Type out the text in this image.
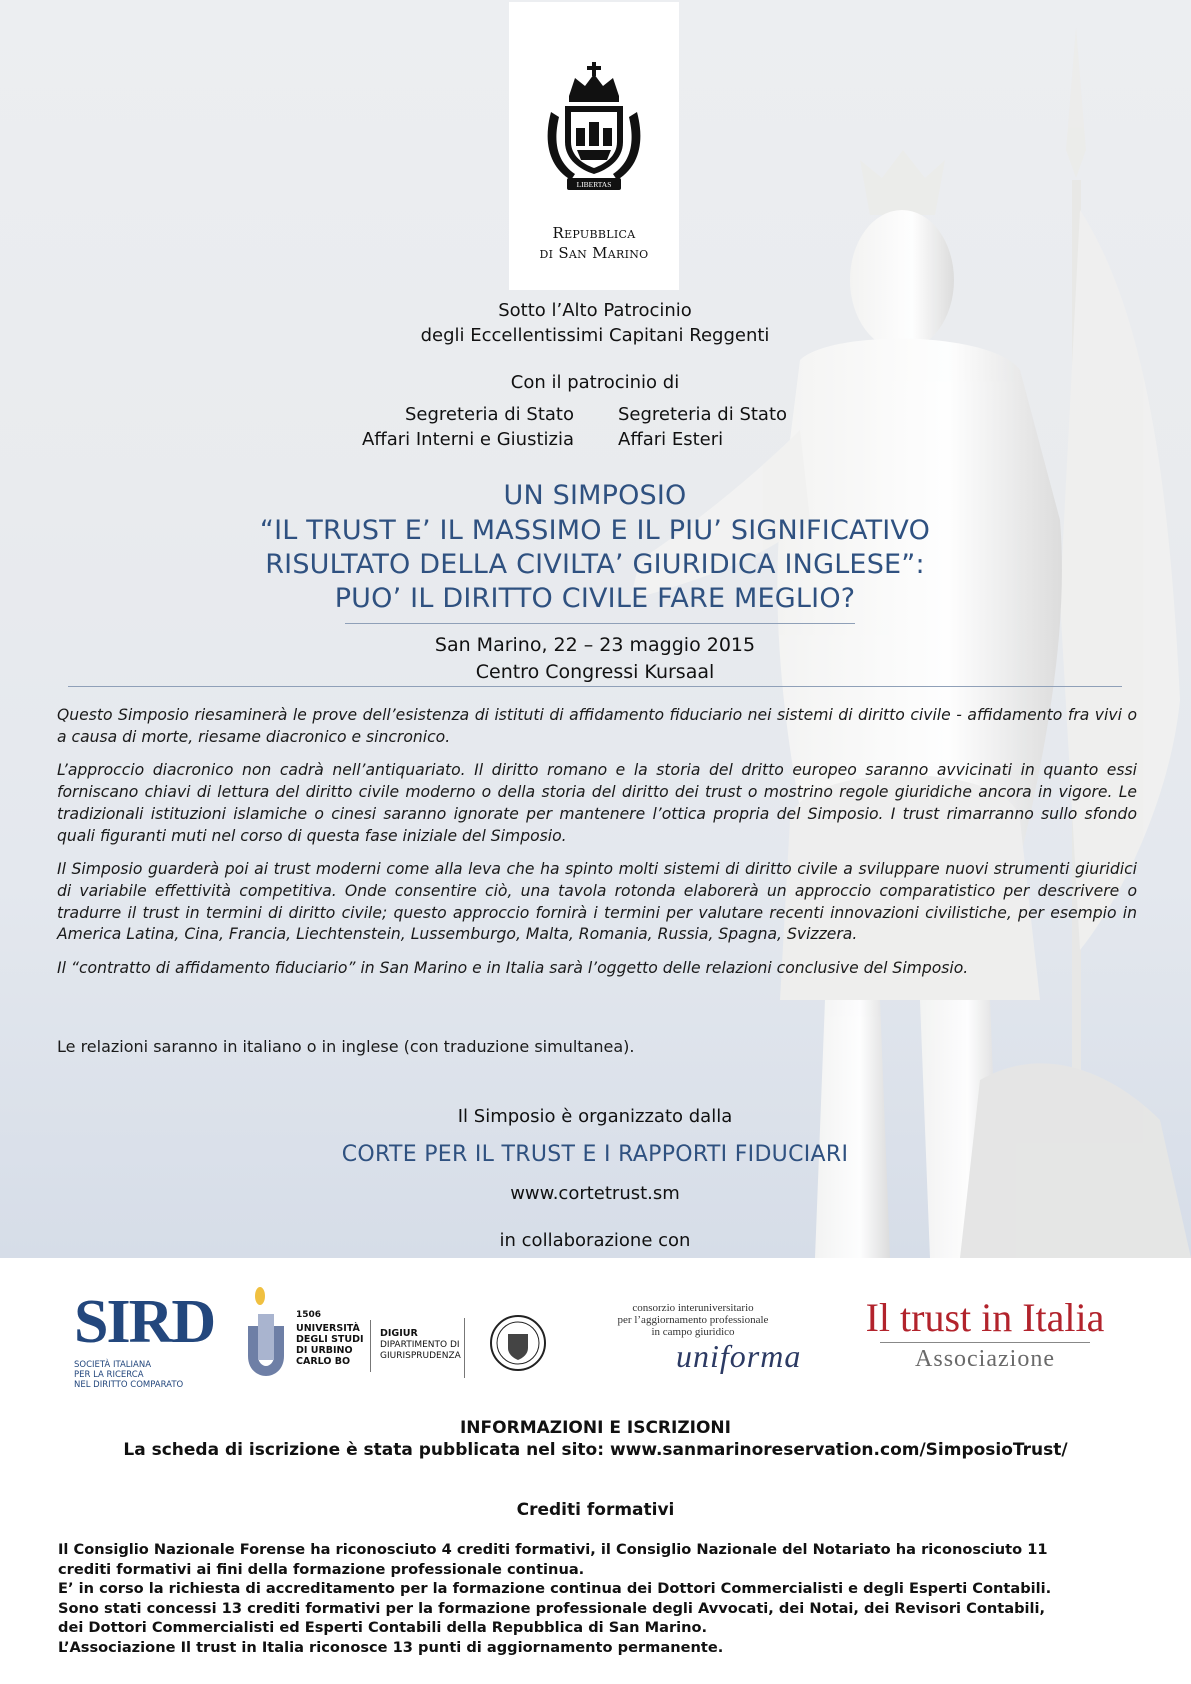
LIBERTAS
Repubblica
di San Marino
Sotto l’Alto Patrocinio
degli Eccellentissimi Capitani Reggenti
Con il patrocinio di
Segreteria di Stato
Affari Interni e Giustizia
Segreteria di Stato
Affari Esteri
UN SIMPOSIO
“IL TRUST E’ IL MASSIMO E IL PIU’ SIGNIFICATIVO
RISULTATO DELLA CIVILTA’ GIURIDICA INGLESE”:
PUO’ IL DIRITTO CIVILE FARE MEGLIO?
San Marino, 22 – 23 maggio 2015
Centro Congressi Kursaal

Questo Simposio riesaminerà le prove dell’esistenza di istituti di affidamento fiduciario nei sistemi di diritto civile - affidamento fra vivi o a causa di morte, riesame diacronico e sincronico.

L’approccio diacronico non cadrà nell’antiquariato. Il diritto romano e la storia del dritto europeo saranno avvicinati in quanto essi forniscano chiavi di lettura del diritto civile moderno o della storia del diritto dei trust o mostrino regole giuridiche ancora in vigore. Le tradizionali istituzioni islamiche o cinesi saranno ignorate per mantenere l’ottica propria del Simposio. I trust rimarranno sullo sfondo quali figuranti muti nel corso di questa fase iniziale del Simposio.

Il Simposio guarderà poi ai trust moderni come alla leva che ha spinto molti sistemi di diritto civile a sviluppare nuovi strumenti giuridici di variabile effettività competitiva. Onde consentire ciò, una tavola rotonda elaborerà un approccio comparatistico per descrivere o tradurre il trust in termini di diritto civile; questo approccio fornirà i termini per valutare recenti innovazioni civilistiche, per esempio in America Latina, Cina, Francia, Liechtenstein, Lussemburgo, Malta, Romania, Russia, Spagna, Svizzera.

Il “contratto di affidamento fiduciario” in San Marino e in Italia sarà l’oggetto delle relazioni conclusive del Simposio.

Le relazioni saranno in italiano o in inglese (con traduzione simultanea).
Il Simposio è organizzato dalla
CORTE PER IL TRUST E I RAPPORTI FIDUCIARI
www.cortetrust.sm
in collaborazione con
SIRD
SOCIETÀ ITALIANA
PER LA RICERCA
NEL DIRITTO COMPARATO
1506
UNIVERSITÀ
DEGLI STUDI
DI URBINO
CARLO BO
DIGIUR
DIPARTIMENTO DI
GIURISPRUDENZA
consorzio interuniversitario
per l’aggiornamento professionale
in campo giuridico
uniforma
Il trust in Italia
Associazione
INFORMAZIONI E ISCRIZIONI
La scheda di iscrizione è stata pubblicata nel sito: www.sanmarinoreservation.com/SimposioTrust/
Crediti formativi
Il Consiglio Nazionale Forense ha riconosciuto 4 crediti formativi, il Consiglio Nazionale del Notariato ha riconosciuto 11
crediti formativi ai fini della formazione professionale continua.
E’ in corso la richiesta di accreditamento per la formazione continua dei Dottori Commercialisti e degli Esperti Contabili.
Sono stati concessi 13 crediti formativi per la formazione professionale degli Avvocati, dei Notai, dei Revisori Contabili,
dei Dottori Commercialisti ed Esperti Contabili della Repubblica di San Marino.
L’Associazione Il trust in Italia riconosce 13 punti di aggiornamento permanente.
